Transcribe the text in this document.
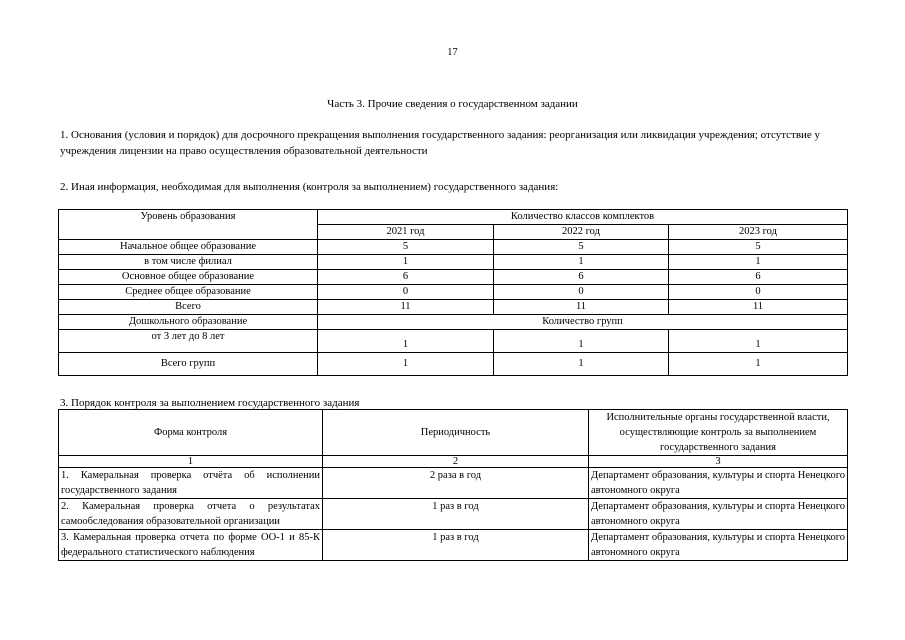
17
Часть 3. Прочие сведения о государственном задании
1. Основания (условия и порядок) для досрочного прекращения выполнения государственного задания: реорганизация или ликвидация учреждения; отсутствие у учреждения лицензии на право осуществления образовательной деятельности
2. Иная информация, необходимая для выполнения (контроля за выполнением) государственного задания:
Уровень образования	Количество классов комплектов		
	2021 год	2022 год	2023 год
Начальное общее образование	5	5	5
в том числе филиал	1	1	1
Основное общее образование	6	6	6
Среднее общее образование	0	0	0
Всего	11	11	11
Дошкольного образование	Количество групп		
от 3 лет до 8 лет	1	1	1
Всего групп	1	1	1
3. Порядок контроля за выполнением государственного задания
Форма контроля	Периодичность	Исполнительные органы государственной власти, осуществляющие контроль за выполнением государственного задания
1	2	3
1. Камеральная проверка отчёта об исполнении государственного задания	2 раза в год	Департамент образования, культуры и спорта Ненецкого автономного округа
2. Камеральная проверка отчета о результатах самообследования образовательной организации	1 раз в год	Департамент образования, культуры и спорта Ненецкого автономного округа
3. Камеральная проверка отчета по форме ОО-1 и 85-К федерального статистического наблюдения	1 раз в год	Департамент образования, культуры и спорта Ненецкого автономного округа
